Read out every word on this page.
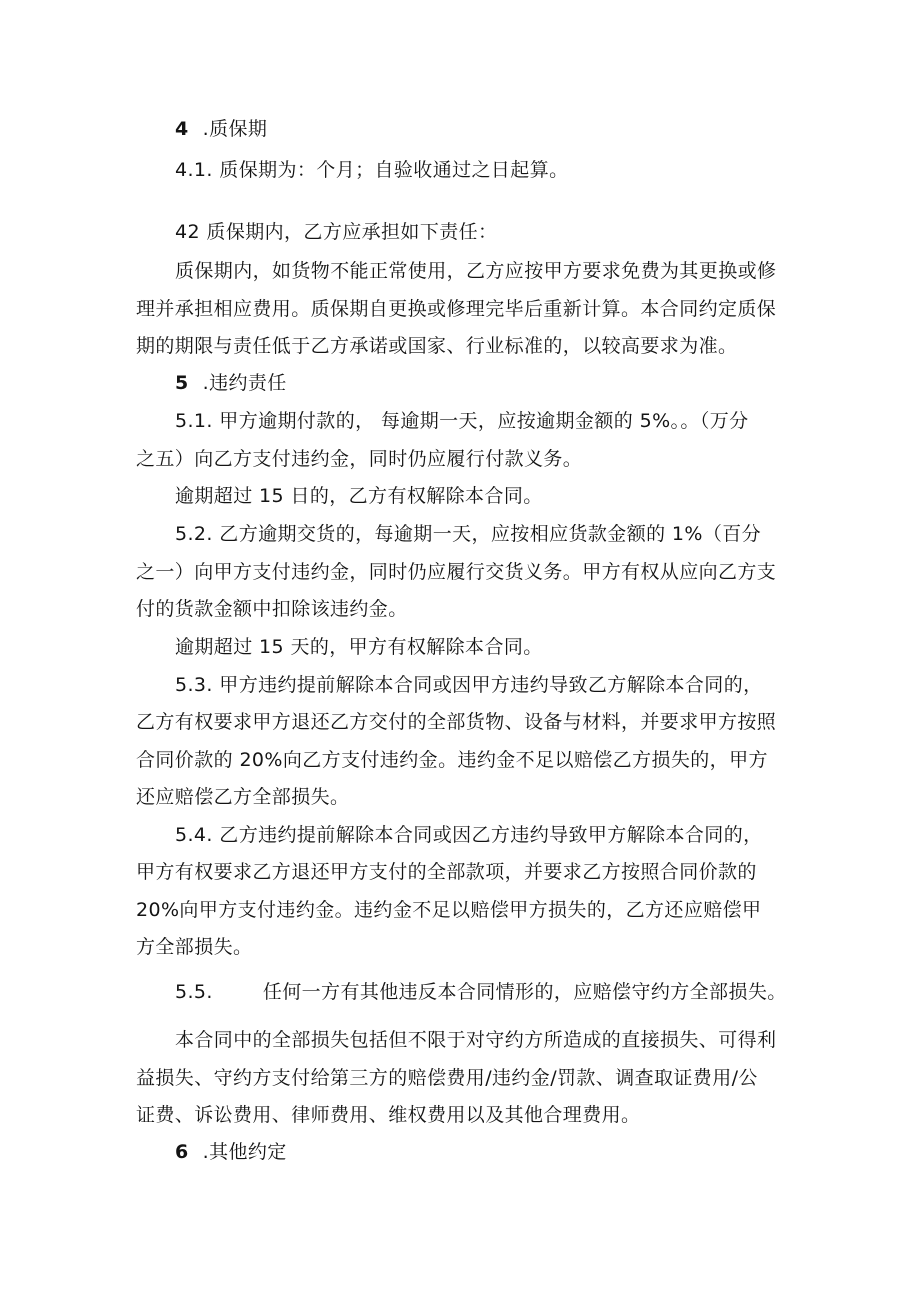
4 .质保期
4.1. 质保期为：个月；自验收通过之日起算。
42 质保期内，乙方应承担如下责任：
质保期内，如货物不能正常使用，乙方应按甲方要求免费为其更换或修
理并承担相应费用。质保期自更换或修理完毕后重新计算。本合同约定质保
期的期限与责任低于乙方承诺或国家、行业标准的，以较高要求为准。
5 .违约责任
5.1. 甲方逾期付款的， 每逾期一天，应按逾期金额的 5%。。（万分
之五）向乙方支付违约金，同时仍应履行付款义务。
逾期超过 15 日的，乙方有权解除本合同。
5.2. 乙方逾期交货的，每逾期一天，应按相应货款金额的 1%（百分
之一）向甲方支付违约金，同时仍应履行交货义务。甲方有权从应向乙方支
付的货款金额中扣除该违约金。
逾期超过 15 天的，甲方有权解除本合同。
5.3. 甲方违约提前解除本合同或因甲方违约导致乙方解除本合同的，
乙方有权要求甲方退还乙方交付的全部货物、设备与材料，并要求甲方按照
合同价款的 20%向乙方支付违约金。违约金不足以赔偿乙方损失的，甲方
还应赔偿乙方全部损失。
5.4. 乙方违约提前解除本合同或因乙方违约导致甲方解除本合同的，
甲方有权要求乙方退还甲方支付的全部款项，并要求乙方按照合同价款的
20%向甲方支付违约金。违约金不足以赔偿甲方损失的，乙方还应赔偿甲
方全部损失。
5.5.	任何一方有其他违反本合同情形的，应赔偿守约方全部损失。
本合同中的全部损失包括但不限于对守约方所造成的直接损失、可得利
益损失、守约方支付给第三方的赔偿费用/违约金/罚款、调查取证费用/公
证费、诉讼费用、律师费用、维权费用以及其他合理费用。
6 .其他约定
